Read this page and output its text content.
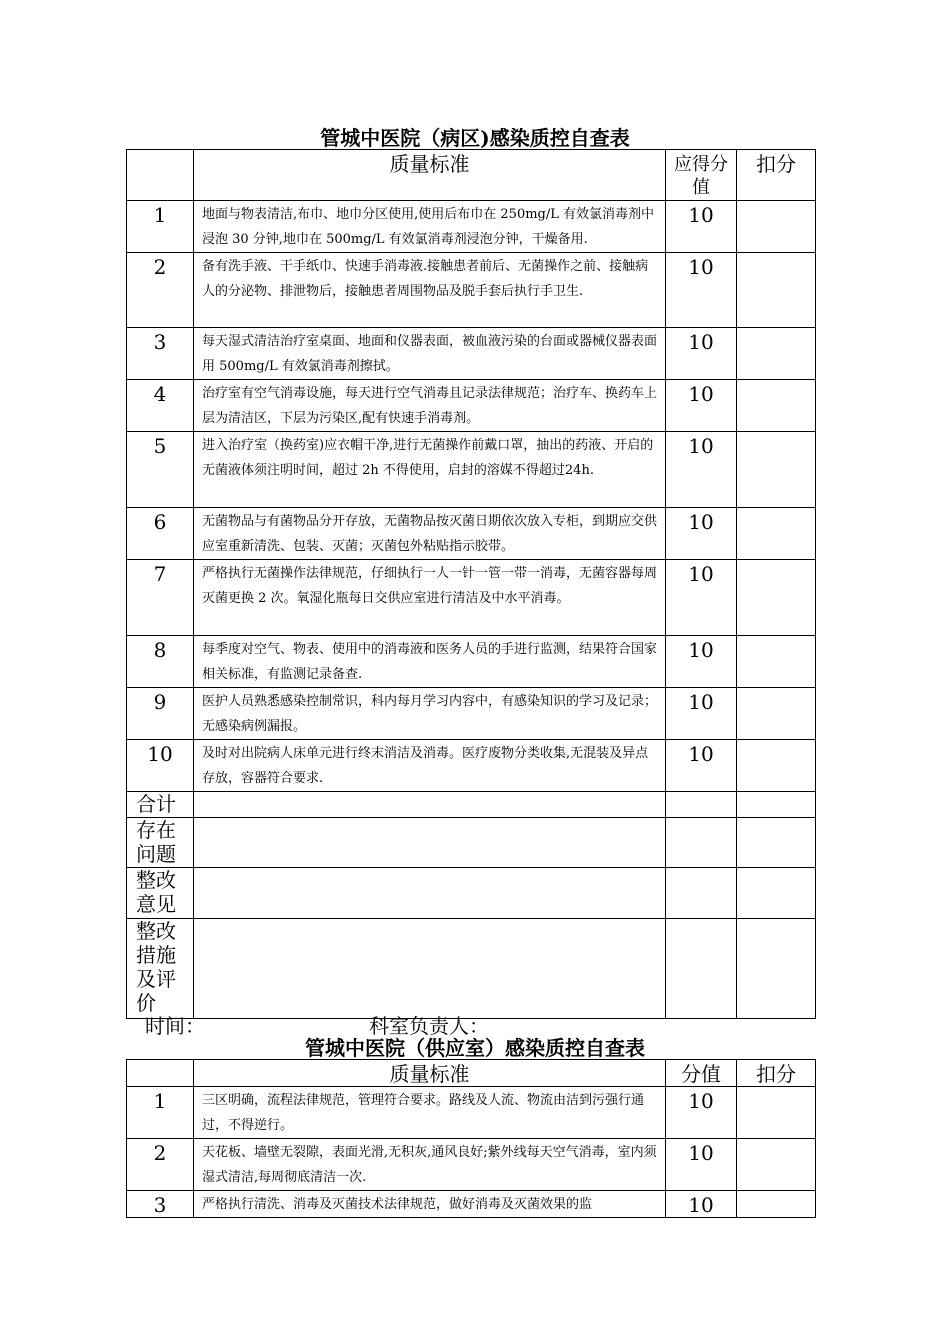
管城中医院（病区)感染质控自查表
	质量标准	应得分值	扣分
1	地面与物表清洁,布巾、地巾分区使用,使用后布巾在 250mg/L 有效氯消毒剂中浸泡 30 分钟,地巾在 500mg/L 有效氯消毒剂浸泡分钟，干燥备用.	10	
2	备有洗手液、干手纸巾、快速手消毒液.接触患者前后、无菌操作之前、接触病人的分泌物、排泄物后，接触患者周围物品及脱手套后执行手卫生.	10	
3	每天湿式清洁治疗室桌面、地面和仪器表面，被血液污染的台面或器械仪器表面用 500mg/L 有效氯消毒剂擦拭。	10	
4	治疗室有空气消毒设施，每天进行空气消毒且记录法律规范；治疗车、换药车上层为清洁区，下层为污染区,配有快速手消毒剂。	10	
5	进入治疗室（换药室)应衣帽干净,进行无菌操作前戴口罩，抽出的药液、开启的无菌液体须注明时间，超过 2h 不得使用，启封的溶媒不得超过24h.	10	
6	无菌物品与有菌物品分开存放，无菌物品按灭菌日期依次放入专柜，到期应交供应室重新清洗、包装、灭菌；灭菌包外粘贴指示胶带。	10	
7	严格执行无菌操作法律规范，仔细执行一人一针一管一带一消毒，无菌容器每周灭菌更换 2 次。氧湿化瓶每日交供应室进行清洁及中水平消毒。	10	
8	每季度对空气、物表、使用中的消毒液和医务人员的手进行监测，结果符合国家相关标准，有监测记录备查.	10	
9	医护人员熟悉感染控制常识，科内每月学习内容中，有感染知识的学习及记录；无感染病例漏报。	10	
10	及时对出院病人床单元进行终末消洁及消毒。医疗废物分类收集,无混装及异点存放，容器符合要求.	10	
合计			
存在问题			
整改意见			
整改措施及评价			
时间：	科室负责人：
管城中医院（供应室）感染质控自查表
	质量标准	分值	扣分
1	三区明确，流程法律规范，管理符合要求。路线及人流、物流由洁到污强行通过，不得逆行。	10	
2	天花板、墙壁无裂隙，表面光滑,无积灰,通风良好;紫外线每天空气消毒，室内须湿式清洁,每周彻底清洁一次.	10	
3	严格执行清洗、消毒及灭菌技术法律规范，做好消毒及灭菌效果的监	10	
